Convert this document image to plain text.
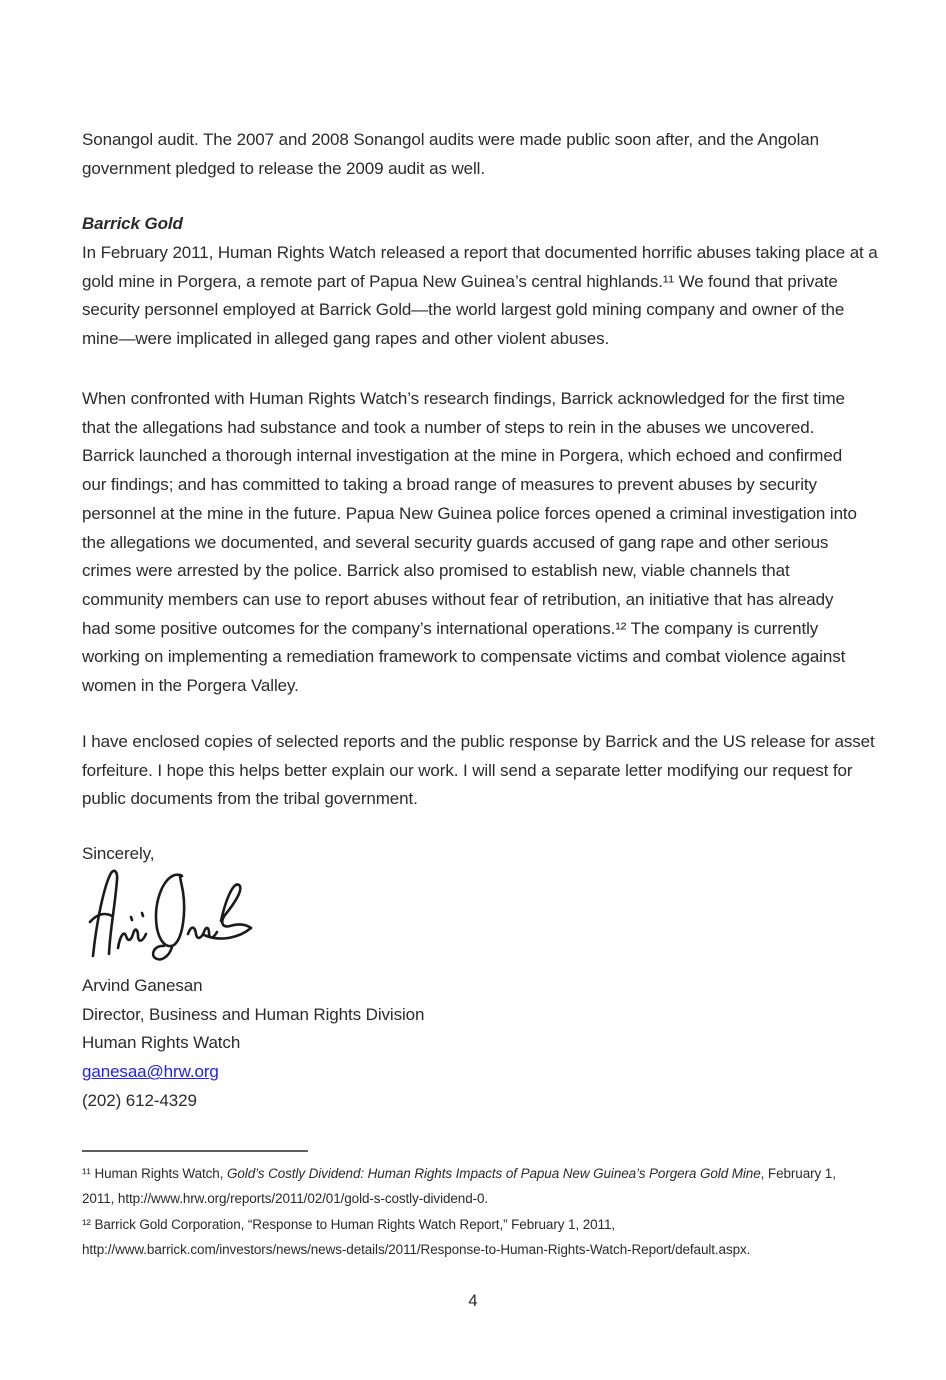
Sonangol audit. The 2007 and 2008 Sonangol audits were made public soon after, and the Angolan
government pledged to release the 2009 audit as well.
Barrick Gold
In February 2011, Human Rights Watch released a report that documented horrific abuses taking place at a
gold mine in Porgera, a remote part of Papua New Guinea’s central highlands.¹¹ We found that private
security personnel employed at Barrick Gold—the world largest gold mining company and owner of the
mine—were implicated in alleged gang rapes and other violent abuses.
When confronted with Human Rights Watch’s research findings, Barrick acknowledged for the first time
that the allegations had substance and took a number of steps to rein in the abuses we uncovered.
Barrick launched a thorough internal investigation at the mine in Porgera, which echoed and confirmed
our findings; and has committed to taking a broad range of measures to prevent abuses by security
personnel at the mine in the future. Papua New Guinea police forces opened a criminal investigation into
the allegations we documented, and several security guards accused of gang rape and other serious
crimes were arrested by the police. Barrick also promised to establish new, viable channels that
community members can use to report abuses without fear of retribution, an initiative that has already
had some positive outcomes for the company’s international operations.¹² The company is currently
working on implementing a remediation framework to compensate victims and combat violence against
women in the Porgera Valley.
I have enclosed copies of selected reports and the public response by Barrick and the US release for asset
forfeiture. I hope this helps better explain our work. I will send a separate letter modifying our request for
public documents from the tribal government.
Sincerely,
Arvind Ganesan
Director, Business and Human Rights Division
Human Rights Watch
ganesaa@hrw.org
(202) 612-4329
¹¹ Human Rights Watch, Gold’s Costly Dividend: Human Rights Impacts of Papua New Guinea’s Porgera Gold Mine, February 1,
2011, http://www.hrw.org/reports/2011/02/01/gold-s-costly-dividend-0.
¹² Barrick Gold Corporation, “Response to Human Rights Watch Report,” February 1, 2011,
http://www.barrick.com/investors/news/news-details/2011/Response-to-Human-Rights-Watch-Report/default.aspx.
4
